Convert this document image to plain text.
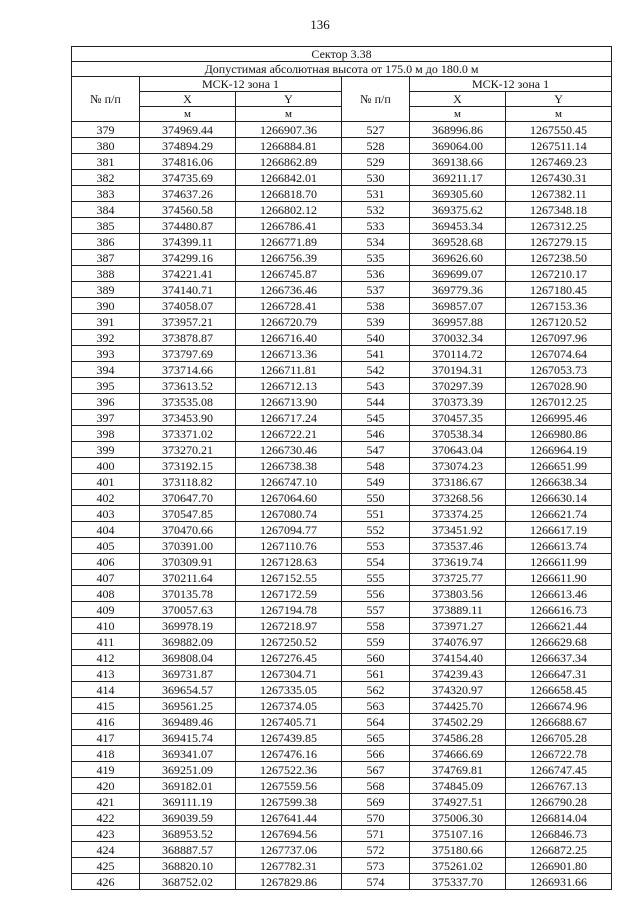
136
Сектор 3.38					
Допустимая абсолютная высота от 175.0 м до 180.0 м					
№ п/п	МСК-12 зона 1		№ п/п	МСК-12 зона 1	
	X	Y		X	Y
	м	м		м	м
379	374969.44	1266907.36	527	368996.86	1267550.45
380	374894.29	1266884.81	528	369064.00	1267511.14
381	374816.06	1266862.89	529	369138.66	1267469.23
382	374735.69	1266842.01	530	369211.17	1267430.31
383	374637.26	1266818.70	531	369305.60	1267382.11
384	374560.58	1266802.12	532	369375.62	1267348.18
385	374480.87	1266786.41	533	369453.34	1267312.25
386	374399.11	1266771.89	534	369528.68	1267279.15
387	374299.16	1266756.39	535	369626.60	1267238.50
388	374221.41	1266745.87	536	369699.07	1267210.17
389	374140.71	1266736.46	537	369779.36	1267180.45
390	374058.07	1266728.41	538	369857.07	1267153.36
391	373957.21	1266720.79	539	369957.88	1267120.52
392	373878.87	1266716.40	540	370032.34	1267097.96
393	373797.69	1266713.36	541	370114.72	1267074.64
394	373714.66	1266711.81	542	370194.31	1267053.73
395	373613.52	1266712.13	543	370297.39	1267028.90
396	373535.08	1266713.90	544	370373.39	1267012.25
397	373453.90	1266717.24	545	370457.35	1266995.46
398	373371.02	1266722.21	546	370538.34	1266980.86
399	373270.21	1266730.46	547	370643.04	1266964.19
400	373192.15	1266738.38	548	373074.23	1266651.99
401	373118.82	1266747.10	549	373186.67	1266638.34
402	370647.70	1267064.60	550	373268.56	1266630.14
403	370547.85	1267080.74	551	373374.25	1266621.74
404	370470.66	1267094.77	552	373451.92	1266617.19
405	370391.00	1267110.76	553	373537.46	1266613.74
406	370309.91	1267128.63	554	373619.74	1266611.99
407	370211.64	1267152.55	555	373725.77	1266611.90
408	370135.78	1267172.59	556	373803.56	1266613.46
409	370057.63	1267194.78	557	373889.11	1266616.73
410	369978.19	1267218.97	558	373971.27	1266621.44
411	369882.09	1267250.52	559	374076.97	1266629.68
412	369808.04	1267276.45	560	374154.40	1266637.34
413	369731.87	1267304.71	561	374239.43	1266647.31
414	369654.57	1267335.05	562	374320.97	1266658.45
415	369561.25	1267374.05	563	374425.70	1266674.96
416	369489.46	1267405.71	564	374502.29	1266688.67
417	369415.74	1267439.85	565	374586.28	1266705.28
418	369341.07	1267476.16	566	374666.69	1266722.78
419	369251.09	1267522.36	567	374769.81	1266747.45
420	369182.01	1267559.56	568	374845.09	1266767.13
421	369111.19	1267599.38	569	374927.51	1266790.28
422	369039.59	1267641.44	570	375006.30	1266814.04
423	368953.52	1267694.56	571	375107.16	1266846.73
424	368887.57	1267737.06	572	375180.66	1266872.25
425	368820.10	1267782.31	573	375261.02	1266901.80
426	368752.02	1267829.86	574	375337.70	1266931.66
